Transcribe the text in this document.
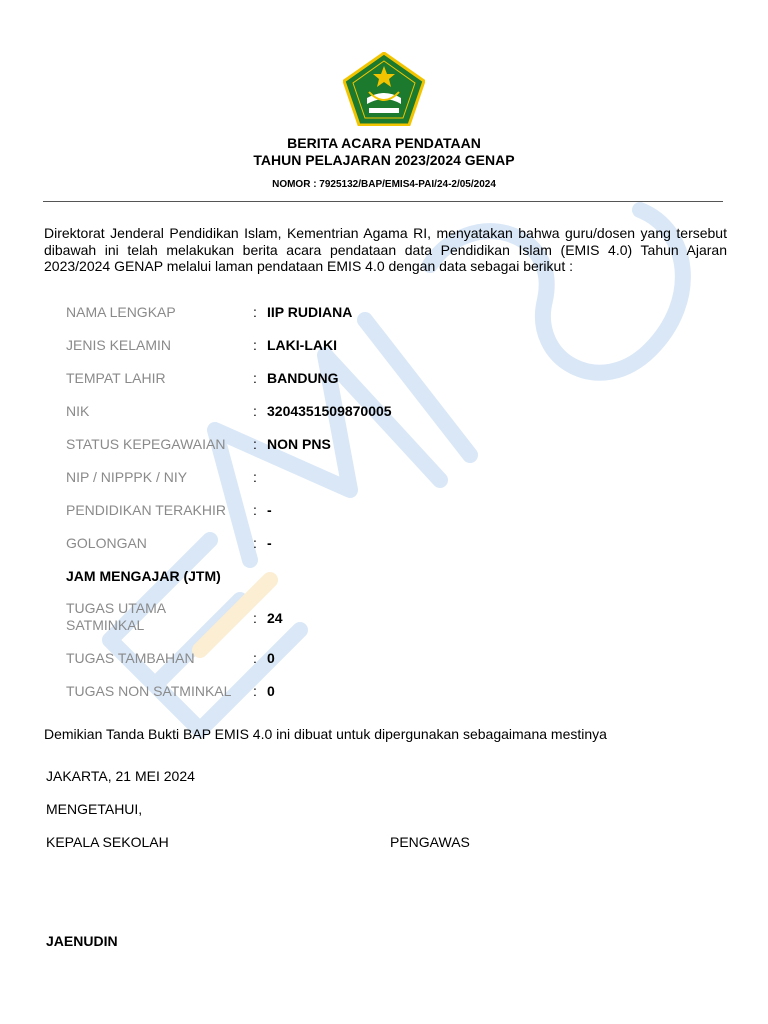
BERITA ACARA PENDATAAN
TAHUN PELAJARAN 2023/2024 GENAP
NOMOR : 7925132/BAP/EMIS4-PAI/24-2/05/2024
Direktorat Jenderal Pendidikan Islam, Kementrian Agama RI, menyatakan bahwa guru/dosen yang tersebut dibawah ini telah melakukan berita acara pendataan data Pendidikan Islam (EMIS 4.0) Tahun Ajaran 2023/2024 GENAP melalui laman pendataan EMIS 4.0 dengan data sebagai berikut :
NAMA LENGKAP	: IIP RUDIANA
JENIS KELAMIN	: LAKI-LAKI
TEMPAT LAHIR	: BANDUNG
NIK	: 3204351509870005
STATUS KEPEGAWAIAN	: NON PNS
NIP / NIPPPK / NIY	:
PENDIDIKAN TERAKHIR	: -
GOLONGAN	: -
JAM MENGAJAR (JTM)
TUGAS UTAMA SATMINKAL	: 24
TUGAS TAMBAHAN	: 0
TUGAS NON SATMINKAL	: 0
Demikian Tanda Bukti BAP EMIS 4.0 ini dibuat untuk dipergunakan sebagaimana mestinya
JAKARTA, 21 MEI 2024
MENGETAHUI,
KEPALA SEKOLAH	PENGAWAS
JAENUDIN
